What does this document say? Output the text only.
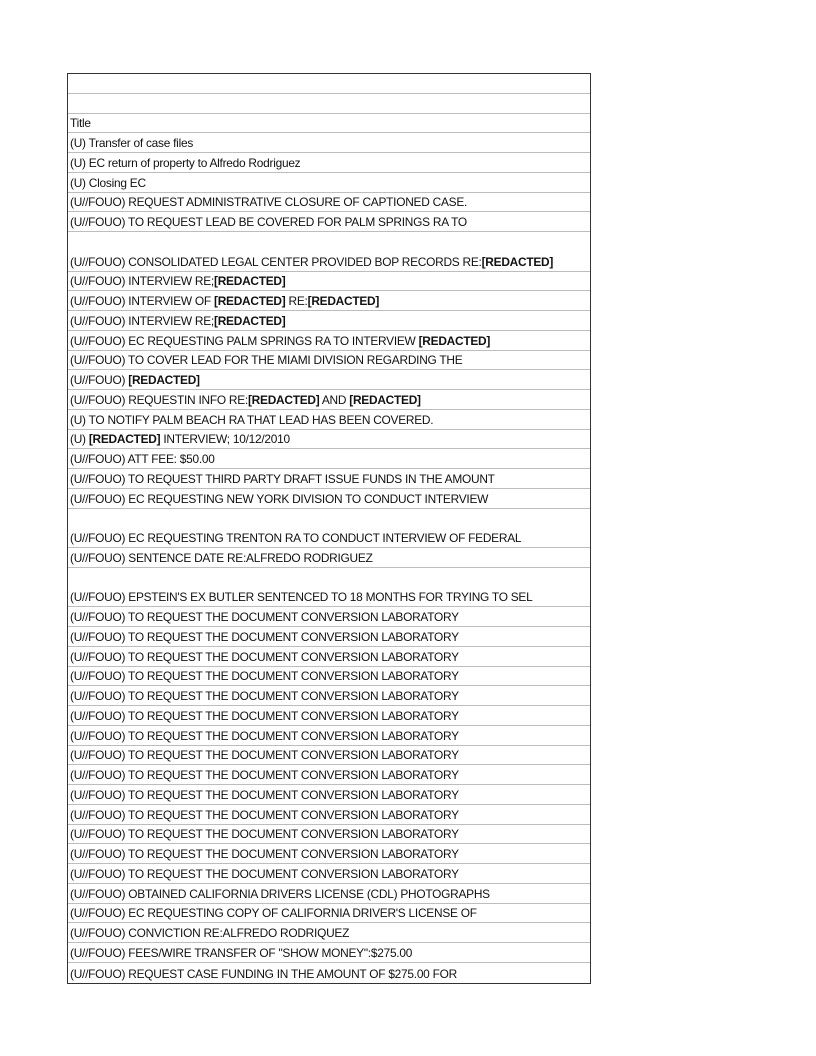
Title
(U) Transfer of case files
(U) EC return of property to Alfredo Rodriguez
(U) Closing EC
(U//FOUO) REQUEST ADMINISTRATIVE CLOSURE OF CAPTIONED CASE.
(U//FOUO) TO REQUEST LEAD BE COVERED FOR PALM SPRINGS RA TO
(U//FOUO) CONSOLIDATED LEGAL CENTER PROVIDED BOP RECORDS RE:[REDACTED]
(U//FOUO) INTERVIEW RE;[REDACTED]
(U//FOUO) INTERVIEW OF [REDACTED] RE:[REDACTED]
(U//FOUO) INTERVIEW RE;[REDACTED]
(U//FOUO) EC REQUESTING PALM SPRINGS RA TO INTERVIEW [REDACTED]
(U//FOUO) TO COVER LEAD FOR THE MIAMI DIVISION REGARDING THE
(U//FOUO) [REDACTED]
(U//FOUO) REQUESTIN INFO RE:[REDACTED] AND [REDACTED]
(U) TO NOTIFY PALM BEACH RA THAT LEAD HAS BEEN COVERED.
(U) [REDACTED] INTERVIEW; 10/12/2010
(U//FOUO) ATT FEE: $50.00
(U//FOUO) TO REQUEST THIRD PARTY DRAFT ISSUE FUNDS IN THE AMOUNT
(U//FOUO) EC REQUESTING NEW YORK DIVISION TO CONDUCT INTERVIEW
(U//FOUO) EC REQUESTING TRENTON RA TO CONDUCT INTERVIEW OF FEDERAL
(U//FOUO) SENTENCE DATE RE:ALFREDO RODRIGUEZ
(U//FOUO) EPSTEIN'S EX BUTLER SENTENCED TO 18 MONTHS FOR TRYING TO SEL
(U//FOUO) TO REQUEST THE DOCUMENT CONVERSION LABORATORY
(U//FOUO) TO REQUEST THE DOCUMENT CONVERSION LABORATORY
(U//FOUO) TO REQUEST THE DOCUMENT CONVERSION LABORATORY
(U//FOUO) TO REQUEST THE DOCUMENT CONVERSION LABORATORY
(U//FOUO) TO REQUEST THE DOCUMENT CONVERSION LABORATORY
(U//FOUO) TO REQUEST THE DOCUMENT CONVERSION LABORATORY
(U//FOUO) TO REQUEST THE DOCUMENT CONVERSION LABORATORY
(U//FOUO) TO REQUEST THE DOCUMENT CONVERSION LABORATORY
(U//FOUO) TO REQUEST THE DOCUMENT CONVERSION LABORATORY
(U//FOUO) TO REQUEST THE DOCUMENT CONVERSION LABORATORY
(U//FOUO) TO REQUEST THE DOCUMENT CONVERSION LABORATORY
(U//FOUO) TO REQUEST THE DOCUMENT CONVERSION LABORATORY
(U//FOUO) TO REQUEST THE DOCUMENT CONVERSION LABORATORY
(U//FOUO) TO REQUEST THE DOCUMENT CONVERSION LABORATORY
(U//FOUO) OBTAINED CALIFORNIA DRIVERS LICENSE (CDL) PHOTOGRAPHS
(U//FOUO) EC REQUESTING COPY OF CALIFORNIA DRIVER'S LICENSE OF
(U//FOUO) CONVICTION RE:ALFREDO RODRIQUEZ
(U//FOUO) FEES/WIRE TRANSFER OF "SHOW MONEY":$275.00
(U//FOUO) REQUEST CASE FUNDING IN THE AMOUNT OF $275.00 FOR
